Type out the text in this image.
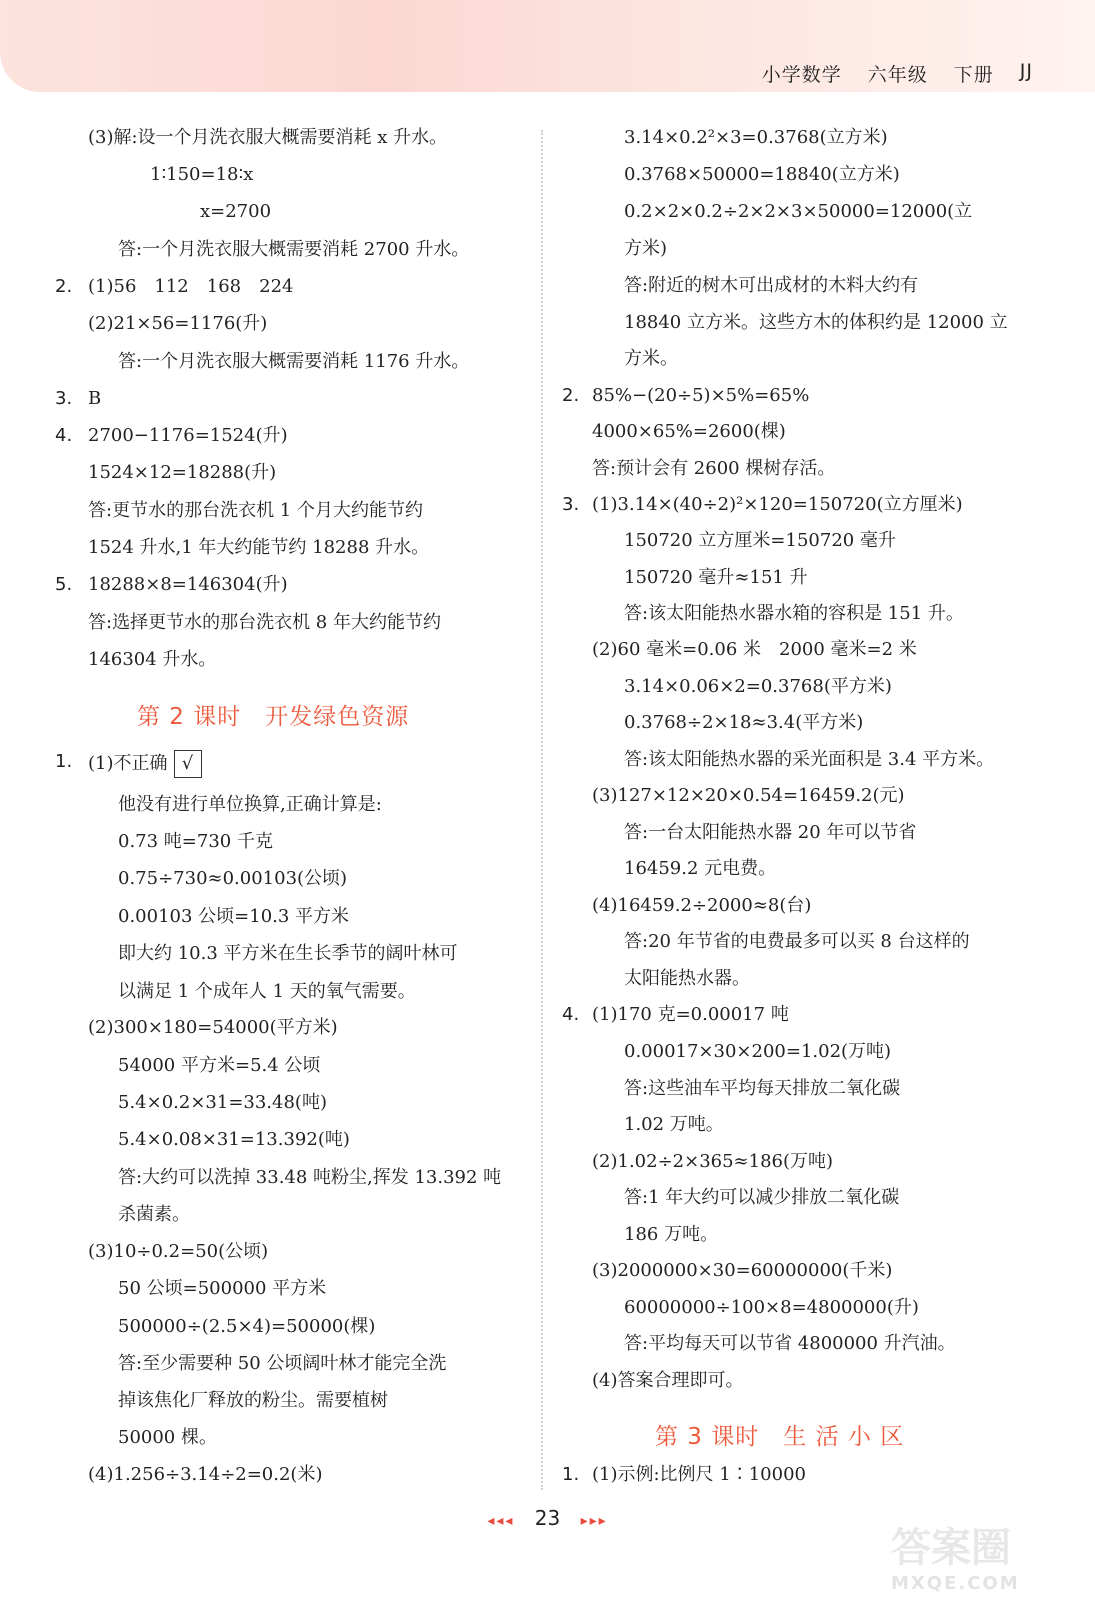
小学数学 六年级 下册 JJ
(3)解:设一个月洗衣服大概需要消耗 x 升水。
1∶150=18∶x
x=2700
答:一个月洗衣服大概需要消耗 2700 升水。
2. (1)56　112　168　224
(2)21×56=1176(升)
答:一个月洗衣服大概需要消耗 1176 升水。
3. B
4. 2700−1176=1524(升)
1524×12=18288(升)
答:更节水的那台洗衣机 1 个月大约能节约
1524 升水,1 年大约能节约 18288 升水。
5. 18288×8=146304(升)
答:选择更节水的那台洗衣机 8 年大约能节约
146304 升水。
第 2 课时　开发绿色资源
1. (1)不正确 √
他没有进行单位换算,正确计算是:
0.73 吨=730 千克
0.75÷730≈0.00103(公顷)
0.00103 公顷=10.3 平方米
即大约 10.3 平方米在生长季节的阔叶林可
以满足 1 个成年人 1 天的氧气需要。
(2)300×180=54000(平方米)
54000 平方米=5.4 公顷
5.4×0.2×31=33.48(吨)
5.4×0.08×31=13.392(吨)
答:大约可以洗掉 33.48 吨粉尘,挥发 13.392 吨
杀菌素。
(3)10÷0.2=50(公顷)
50 公顷=500000 平方米
500000÷(2.5×4)=50000(棵)
答:至少需要种 50 公顷阔叶林才能完全洗
掉该焦化厂释放的粉尘。需要植树
50000 棵。
(4)1.256÷3.14÷2=0.2(米)
3.14×0.2²×3=0.3768(立方米)
0.3768×50000=18840(立方米)
0.2×2×0.2÷2×2×3×50000=12000(立
方米)
答:附近的树木可出成材的木料大约有
18840 立方米。这些方木的体积约是 12000 立
方米。
2. 85%−(20÷5)×5%=65%
4000×65%=2600(棵)
答:预计会有 2600 棵树存活。
3. (1)3.14×(40÷2)²×120=150720(立方厘米)
150720 立方厘米=150720 毫升
150720 毫升≈151 升
答:该太阳能热水器水箱的容积是 151 升。
(2)60 毫米=0.06 米　2000 毫米=2 米
3.14×0.06×2=0.3768(平方米)
0.3768÷2×18≈3.4(平方米)
答:该太阳能热水器的采光面积是 3.4 平方米。
(3)127×12×20×0.54=16459.2(元)
答:一台太阳能热水器 20 年可以节省
16459.2 元电费。
(4)16459.2÷2000≈8(台)
答:20 年节省的电费最多可以买 8 台这样的
太阳能热水器。
4. (1)170 克=0.00017 吨
0.00017×30×200=1.02(万吨)
答:这些油车平均每天排放二氧化碳
1.02 万吨。
(2)1.02÷2×365≈186(万吨)
答:1 年大约可以减少排放二氧化碳
186 万吨。
(3)2000000×30=60000000(千米)
60000000÷100×8=4800000(升)
答:平均每天可以节省 4800000 升汽油。
(4)答案合理即可。
第 3 课时　生 活 小 区
1. (1)示例:比例尺 1∶10000
◂◂◂ 23 ▸▸▸
答案圈
MXQE.COM
